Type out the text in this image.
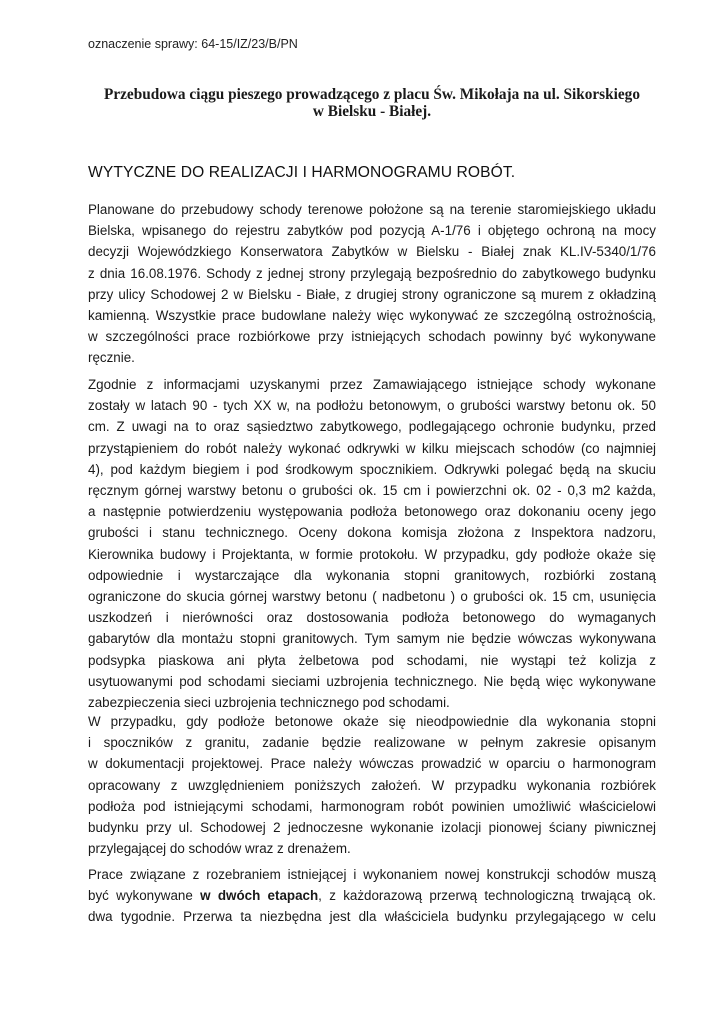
oznaczenie sprawy: 64-15/IZ/23/B/PN
Przebudowa ciągu pieszego prowadzącego z placu Św. Mikołaja na ul. Sikorskiego
w Bielsku - Białej.
WYTYCZNE DO REALIZACJI I HARMONOGRAMU ROBÓT.
Planowane do przebudowy schody terenowe położone są na terenie staromiejskiego układu
Bielska, wpisanego do rejestru zabytków pod pozycją A-1/76 i objętego ochroną na mocy
decyzji Wojewódzkiego Konserwatora Zabytków w Bielsku - Białej znak KL.IV-5340/1/76
z dnia 16.08.1976. Schody z jednej strony przylegają bezpośrednio do zabytkowego budynku
przy ulicy Schodowej 2 w Bielsku - Białe, z drugiej strony ograniczone są murem z okładziną
kamienną. Wszystkie prace budowlane należy więc wykonywać ze szczególną ostrożnością,
w szczególności prace rozbiórkowe przy istniejących schodach powinny być wykonywane
ręcznie.
Zgodnie z informacjami uzyskanymi przez Zamawiającego istniejące schody wykonane
zostały w latach 90 - tych XX w, na podłożu betonowym, o grubości warstwy betonu ok. 50
cm. Z uwagi na to oraz sąsiedztwo zabytkowego, podlegającego ochronie budynku, przed
przystąpieniem do robót należy wykonać odkrywki w kilku miejscach schodów (co najmniej
4), pod każdym biegiem i pod środkowym spocznikiem. Odkrywki polegać będą na skuciu
ręcznym górnej warstwy betonu o grubości ok. 15 cm i powierzchni ok. 02 - 0,3 m2 każda,
a następnie potwierdzeniu występowania podłoża betonowego oraz dokonaniu oceny jego
grubości i stanu technicznego. Oceny dokona komisja złożona z Inspektora nadzoru,
Kierownika budowy i Projektanta, w formie protokołu. W przypadku, gdy podłoże okaże się
odpowiednie i wystarczające dla wykonania stopni granitowych, rozbiórki zostaną
ograniczone do skucia górnej warstwy betonu ( nadbetonu ) o grubości ok. 15 cm, usunięcia
uszkodzeń i nierówności oraz dostosowania podłoża betonowego do wymaganych
gabarytów dla montażu stopni granitowych. Tym samym nie będzie wówczas wykonywana
podsypka piaskowa ani płyta żelbetowa pod schodami, nie wystąpi też kolizja z
usytuowanymi pod schodami sieciami uzbrojenia technicznego. Nie będą więc wykonywane
zabezpieczenia sieci uzbrojenia technicznego pod schodami.
W przypadku, gdy podłoże betonowe okaże się nieodpowiednie dla wykonania stopni
i spoczników z granitu, zadanie będzie realizowane w pełnym zakresie opisanym
w dokumentacji projektowej. Prace należy wówczas prowadzić w oparciu o harmonogram
opracowany z uwzględnieniem poniższych założeń. W przypadku wykonania rozbiórek
podłoża pod istniejącymi schodami, harmonogram robót powinien umożliwić właścicielowi
budynku przy ul. Schodowej 2 jednoczesne wykonanie izolacji pionowej ściany piwnicznej
przylegającej do schodów wraz z drenażem.
Prace związane z rozebraniem istniejącej i wykonaniem nowej konstrukcji schodów muszą
być wykonywane w dwóch etapach, z każdorazową przerwą technologiczną trwającą ok.
dwa tygodnie. Przerwa ta niezbędna jest dla właściciela budynku przylegającego w celu
